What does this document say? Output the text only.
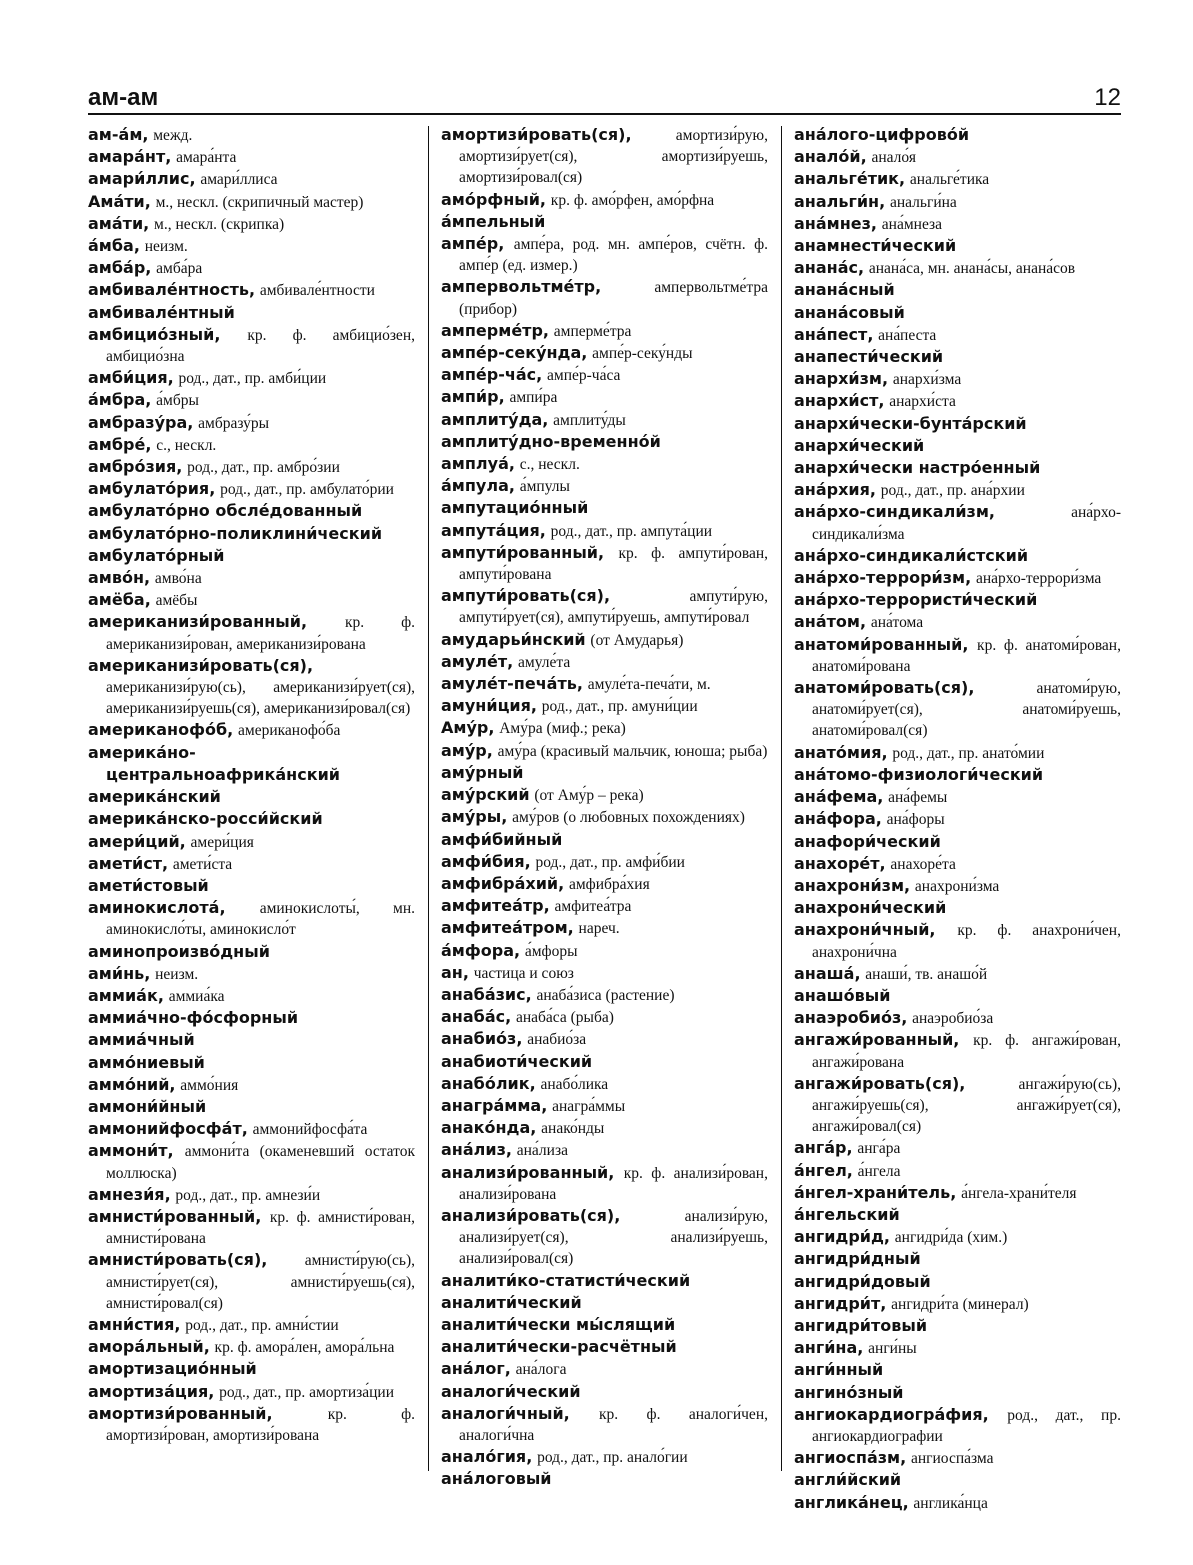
ам-ам	12

ам-а́м, межд.

амара́нт, амара́нта

амари́ллис, амари́ллиса

Ама́ти, м., нескл. (скрипичный мастер)

ама́ти, м., нескл. (скрипка)

а́мба, неизм.

амба́р, амба́ра

амбивале́нтность, амбивале́нтности

амбивале́нтный

амбицио́зный, кр. ф. амбицио́зен, амбицио́зна

амби́ция, род., дат., пр. амби́ции

а́мбра, а́мбры

амбразу́ра, амбразу́ры

амбре́, с., нескл.

амбро́зия, род., дат., пр. амбро́зии

амбулато́рия, род., дат., пр. амбулато́рии

амбулато́рно обсле́дованный

амбулато́рно-поликлини́ческий

амбулато́рный

амво́н, амво́на

амёба, амёбы

американизи́рованный, кр. ф. американизи́рован, американизи́рована

американизи́ровать(ся), американизи́рую(сь), американизи́рует(ся), американизи́руешь(ся), американизи́ровал(ся)

американофо́б, американофо́ба

америка́но-центральноафрика́нский

америка́нский

америка́нско-росси́йский

амери́ций, амери́ция

амети́ст, амети́ста

амети́стовый

аминокислота́, аминокислоты́, мн. аминокисло́ты, аминокисло́т

аминопроизво́дный

ами́нь, неизм.

аммиа́к, аммиа́ка

аммиа́чно-фо́сфорный

аммиа́чный

аммо́ниевый

аммо́ний, аммо́ния

аммони́йный

аммонийфосфа́т, аммонийфосфа́та

аммони́т, аммони́та (окаменевший остаток моллюска)

амнези́я, род., дат., пр. амнези́и

амнисти́рованный, кр. ф. амнисти́рован, амнисти́рована

амнисти́ровать(ся), амнисти́рую(сь), амнисти́рует(ся), амнисти́руешь(ся), амнисти́ровал(ся)

амни́стия, род., дат., пр. амни́стии

амора́льный, кр. ф. амора́лен, амора́льна

амортизацио́нный

амортиза́ция, род., дат., пр. амортиза́ции

амортизи́рованный,	кр. ф. амортизи́рован, амортизи́рована

амортизи́ровать(ся),	амортизи́рую, амортизи́рует(ся), амортизи́руешь, амортизи́ровал(ся)

амо́рфный, кр. ф. амо́рфен, амо́рфна

а́мпельный

ампе́р, ампе́ра, род. мн. ампе́ров, счётн. ф. ампе́р (ед. измер.)

ампервольтме́тр,	ампервольтме́тра (прибор)

амперме́тр, амперме́тра

ампе́р-секу́нда, ампе́р-секу́нды

ампе́р-ча́с, ампе́р-ча́са

ампи́р, ампи́ра

амплиту́да, амплиту́ды

амплиту́дно-временно́й

амплуа́, с., нескл.

а́мпула, а́мпулы

ампутацио́нный

ампута́ция, род., дат., пр. ампута́ции

ампути́рованный, кр. ф. ампути́рован, ампути́рована

ампути́ровать(ся),	ампути́рую, ампути́рует(ся), ампути́руешь, ампути́ровал

амударьи́нский (от Амударья)

амуле́т, амуле́та

амуле́т-печа́ть, амуле́та-печа́ти, м.

амуни́ция, род., дат., пр. амуни́ции

Аму́р, Аму́ра (миф.; река)

аму́р, аму́ра (красивый мальчик, юноша; рыба)

аму́рный

аму́рский (от Аму́р – река)

аму́ры, аму́ров (о любовных похождениях)

амфи́бийный

амфи́бия, род., дат., пр. амфи́бии

амфибра́хий, амфибра́хия

амфитеа́тр, амфитеа́тра

амфитеа́тром, нареч.

а́мфора, а́мфоры

ан, частица и союз

анаба́зис, анаба́зиса (растение)

анаба́с, анаба́са (рыба)

анабио́з, анабио́за

анабиоти́ческий

анабо́лик, анабо́лика

анагра́мма, анагра́ммы

анако́нда, анако́нды

ана́лиз, ана́лиза

анализи́рованный, кр. ф. анализи́рован, анализи́рована

анализи́ровать(ся),	анализи́рую, анализи́рует(ся), анализи́руешь, анализи́ровал(ся)

аналити́ко-статисти́ческий

аналити́ческий

аналити́чески мы́слящий

аналити́чески-расчётный

ана́лог, ана́лога

аналоги́ческий

аналоги́чный, кр. ф. аналоги́чен, аналоги́чна

анало́гия, род., дат., пр. анало́гии

ана́логовый

ана́лого-цифрово́й

анало́й, анало́я

анальге́тик, анальге́тика

анальги́н, анальги́на

ана́мнез, ана́мнеза

анамнести́ческий

анана́с, анана́са, мн. анана́сы, анана́сов

анана́сный

анана́совый

ана́пест, ана́песта

анапести́ческий

анархи́зм, анархи́зма

анархи́ст, анархи́ста

анархи́чески-бунта́рский

анархи́ческий

анархи́чески настро́енный

ана́рхия, род., дат., пр. ана́рхии

ана́рхо-синдикали́зм,	ана́рхо-синдикали́зма

ана́рхо-синдикали́стский

ана́рхо-террори́зм, ана́рхо-террори́зма

ана́рхо-террористи́ческий

ана́том, ана́тома

анатоми́рованный, кр. ф. анатоми́рован, анатоми́рована

анатоми́ровать(ся),	анатоми́рую, анатоми́рует(ся), анатоми́руешь, анатоми́ровал(ся)

анато́мия, род., дат., пр. анато́мии

ана́томо-физиологи́ческий

ана́фема, ана́фемы

ана́фора, ана́форы

анафори́ческий

анахоре́т, анахоре́та

анахрони́зм, анахрони́зма

анахрони́ческий

анахрони́чный, кр. ф. анахрони́чен, анахрони́чна

анаша́, анаши́, тв. анашо́й

анашо́вый

анаэробио́з, анаэробио́за

ангажи́рованный, кр. ф. ангажи́рован, ангажи́рована

ангажи́ровать(ся),	ангажи́рую(сь), ангажи́руешь(ся), ангажи́рует(ся), ангажи́ровал(ся)

анга́р, анга́ра

а́нгел, а́нгела

а́нгел-храни́тель, а́нгела-храни́теля

а́нгельский

ангидри́д, ангидри́да (хим.)

ангидри́дный

ангидри́довый

ангидри́т, ангидри́та (минерал)

ангидри́товый

анги́на, анги́ны

анги́нный

ангино́зный

ангиокардиогра́фия, род., дат., пр. ангиокардиографии

ангиоспа́зм, ангиоспа́зма

англи́йский

англика́нец, англика́нца
